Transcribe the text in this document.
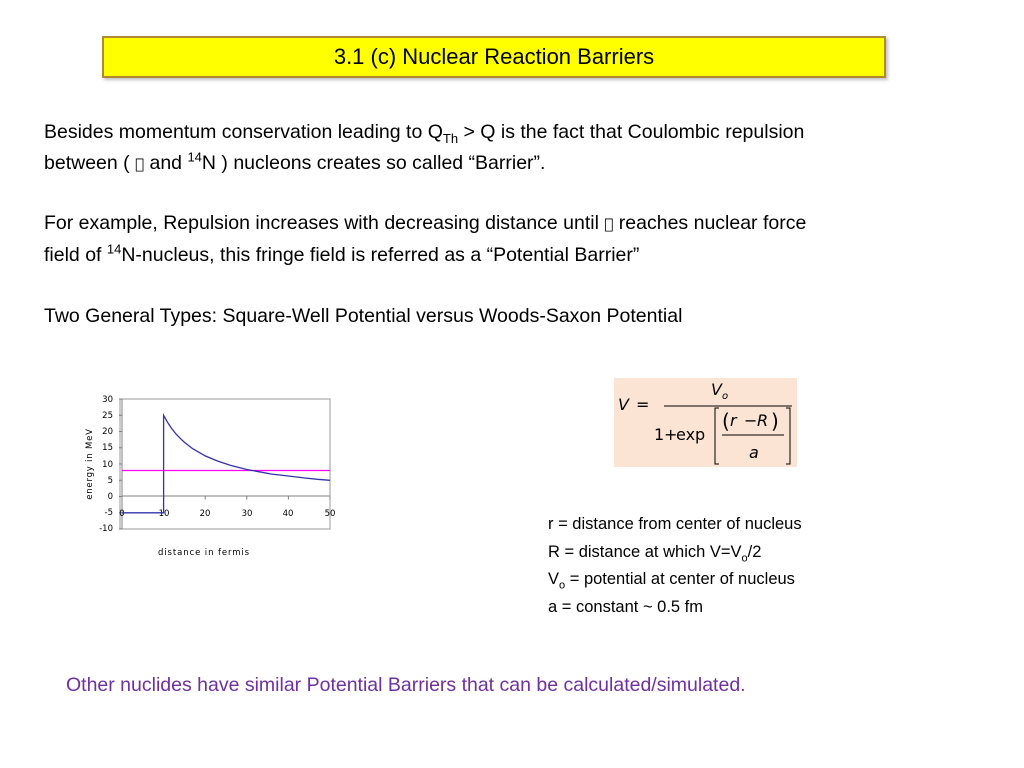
3.1 (c) Nuclear Reaction Barriers
Besides momentum conservation leading to $Q_{Th} > Q$ is the fact that Coulombic repulsion
between ( and $^{14}$N ) nucleons creates so called “Barrier”.
For example, Repulsion increases with decreasing distance until reaches nuclear force
field of $^{14}$N-nucleus, this fringe field is referred as a “Potential Barrier”
Two General Types: Square-Well Potential versus Woods-Saxon Potential
30
25
20
15
10
5
0
-5
-10
0	10	20	30	40	50
energy in MeV
distance in fermis
V =
V o
1 +
exp
( r − R )
a
r = distance from center of nucleus
R = distance at which $V=V_o/2$
$V_o$ = potential at center of nucleus
a = constant ~ 0.5 fm
Other nuclides have similar Potential Barriers that can be calculated/simulated.
